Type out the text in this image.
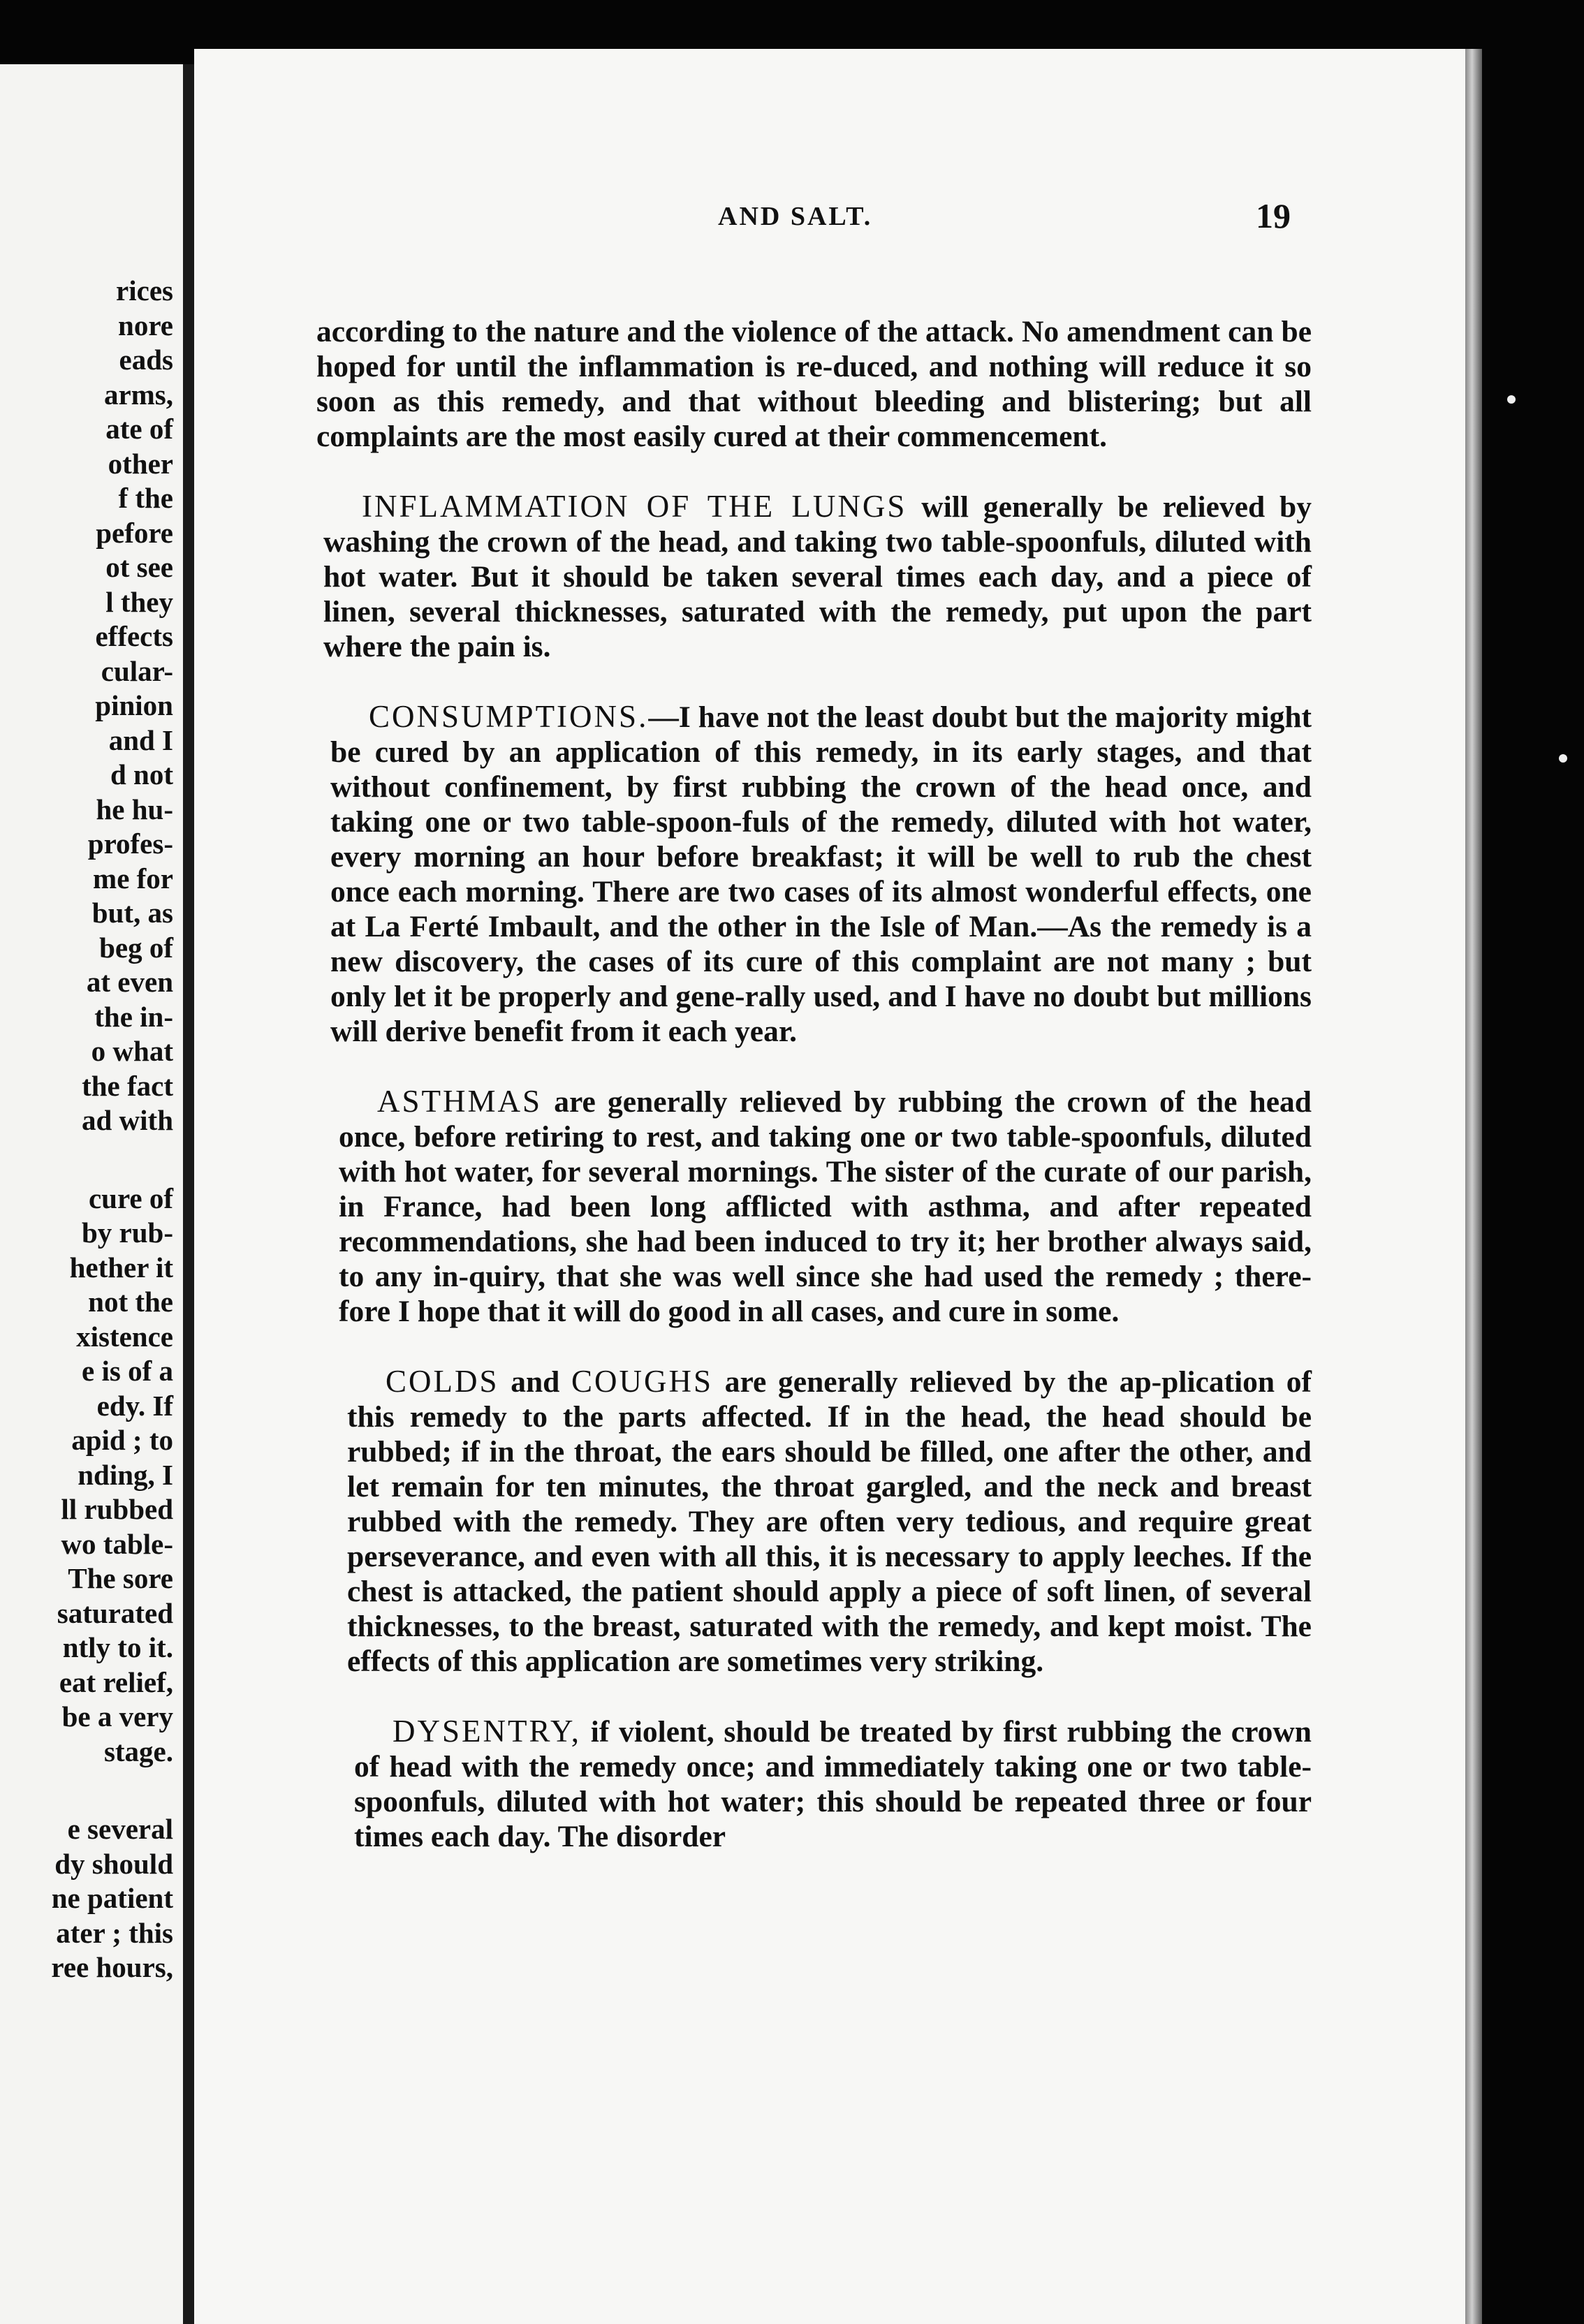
rices
nore
eads
arms,
ate of
other
f the
pefore
ot see
l they
effects
cular-
pinion
and I
d not
he hu-
profes-
me for
but, as
beg of
at even
the in-
o what
the fact
ad with
cure of
by rub-
hether it
not the
xistence
e is of a
edy. If
apid ; to
nding, I
ll rubbed
wo table-
The sore
saturated
ntly to it.
eat relief,
be a very
stage.
e several
dy should
ne patient
ater ; this
ree hours,
AND SALT.	19

according to the nature and the violence of the attack. No amendment can be hoped for until the inflammation is re-duced, and nothing will reduce it so soon as this remedy, and that without bleeding and blistering; but all complaints are the most easily cured at their commencement.

INFLAMMATION OF THE LUNGS will generally be relieved by washing the crown of the head, and taking two table-spoonfuls, diluted with hot water. But it should be taken several times each day, and a piece of linen, several thicknesses, saturated with the remedy, put upon the part where the pain is.

CONSUMPTIONS.—I have not the least doubt but the majority might be cured by an application of this remedy, in its early stages, and that without confinement, by first rubbing the crown of the head once, and taking one or two table-spoon-fuls of the remedy, diluted with hot water, every morning an hour before breakfast; it will be well to rub the chest once each morning. There are two cases of its almost wonderful effects, one at La Ferté Imbault, and the other in the Isle of Man.—As the remedy is a new discovery, the cases of its cure of this complaint are not many ; but only let it be properly and gene-rally used, and I have no doubt but millions will derive benefit from it each year.

ASTHMAS are generally relieved by rubbing the crown of the head once, before retiring to rest, and taking one or two table-spoonfuls, diluted with hot water, for several mornings. The sister of the curate of our parish, in France, had been long afflicted with asthma, and after repeated recommendations, she had been induced to try it; her brother always said, to any in-quiry, that she was well since she had used the remedy ; there-fore I hope that it will do good in all cases, and cure in some.

COLDS and COUGHS are generally relieved by the ap-plication of this remedy to the parts affected. If in the head, the head should be rubbed; if in the throat, the ears should be filled, one after the other, and let remain for ten minutes, the throat gargled, and the neck and breast rubbed with the remedy. They are often very tedious, and require great perseverance, and even with all this, it is necessary to apply leeches. If the chest is attacked, the patient should apply a piece of soft linen, of several thicknesses, to the breast, saturated with the remedy, and kept moist. The effects of this application are sometimes very striking.

DYSENTRY, if violent, should be treated by first rubbing the crown of head with the remedy once; and immediately taking one or two table-spoonfuls, diluted with hot water; this should be repeated three or four times each day. The disorder
